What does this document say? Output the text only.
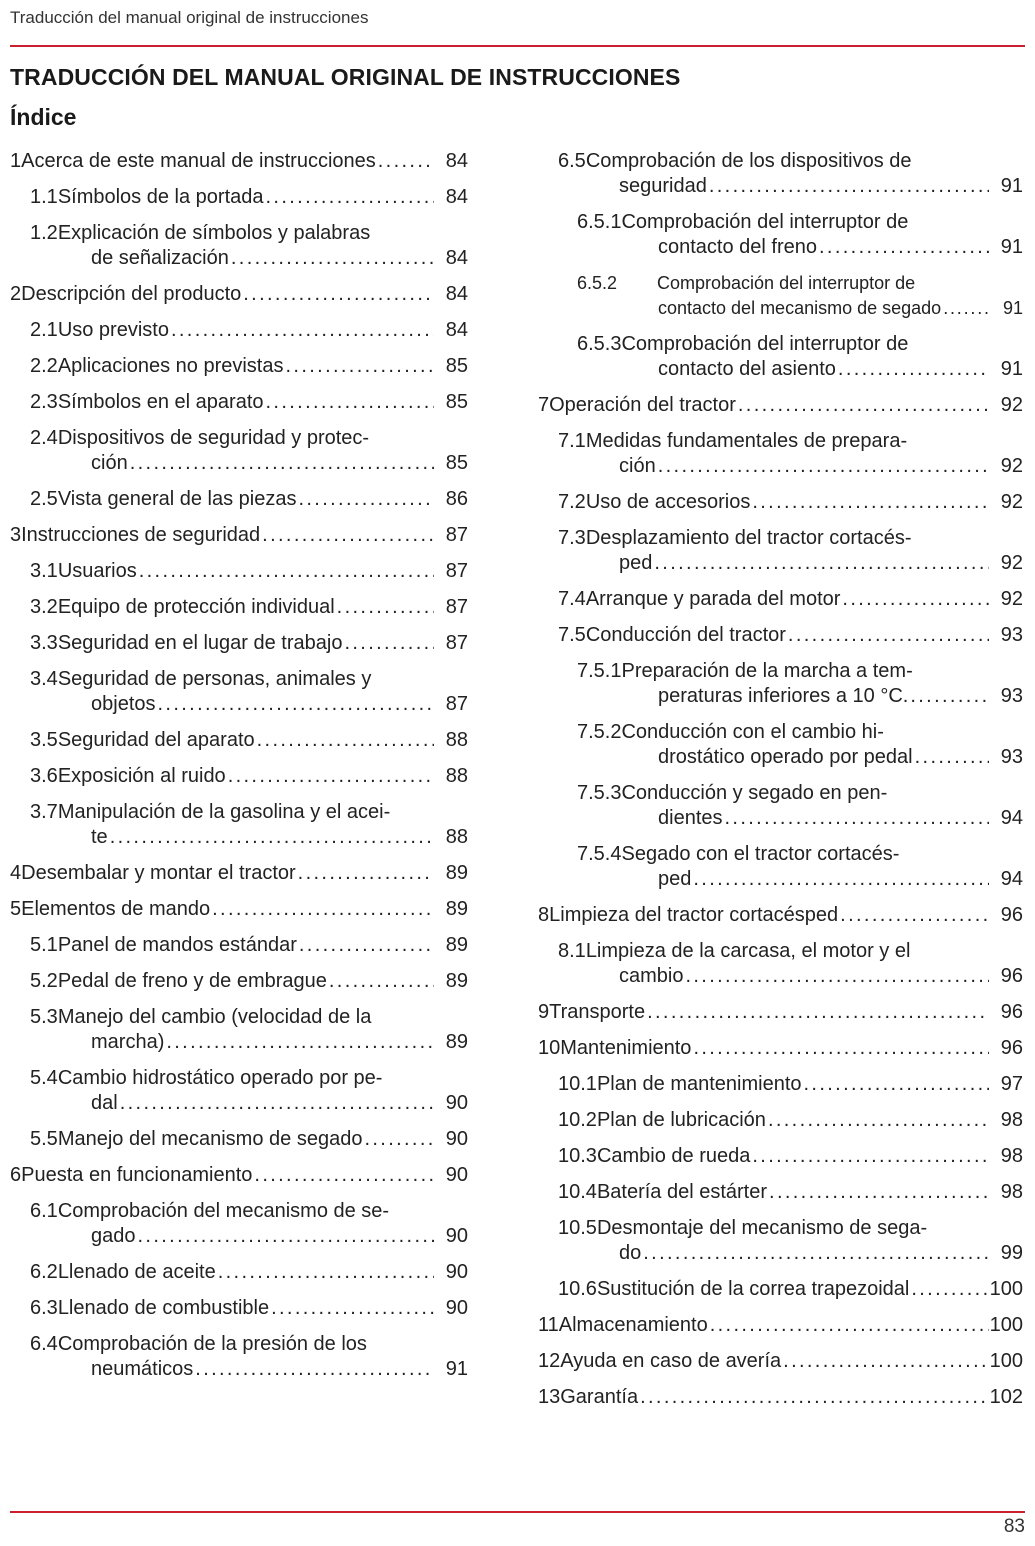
Traducción del manual original de instrucciones
TRADUCCIÓN DEL MANUAL ORIGINAL DE INSTRUCCIONES
Índice
1 Acerca de este manual de instrucciones . . .	84
1.1 Símbolos de la portada . . .	84
1.2 Explicación de símbolos y palabras
de señalización . . .	84
2 Descripción del producto . . .	84
2.1 Uso previsto . . .	84
2.2 Aplicaciones no previstas . . .	85
2.3 Símbolos en el aparato . . .	85
2.4 Dispositivos de seguridad y protec-
ción . . .	85
2.5 Vista general de las piezas . . .	86
3 Instrucciones de seguridad . . .	87
3.1 Usuarios . . .	87
3.2 Equipo de protección individual . . .	87
3.3 Seguridad en el lugar de trabajo . . .	87
3.4 Seguridad de personas, animales y
objetos . . .	87
3.5 Seguridad del aparato . . .	88
3.6 Exposición al ruido . . .	88
3.7 Manipulación de la gasolina y el acei-
te . . .	88
4 Desembalar y montar el tractor . . .	89
5 Elementos de mando . . .	89
5.1 Panel de mandos estándar . . .	89
5.2 Pedal de freno y de embrague . . .	89
5.3 Manejo del cambio (velocidad de la
marcha) . . .	89
5.4 Cambio hidrostático operado por pe-
dal . . .	90
5.5 Manejo del mecanismo de segado . . .	90
6 Puesta en funcionamiento . . .	90
6.1 Comprobación del mecanismo de se-
gado . . .	90
6.2 Llenado de aceite . . .	90
6.3 Llenado de combustible . . .	90
6.4 Comprobación de la presión de los
neumáticos . . .	91
6.5 Comprobación de los dispositivos de
seguridad . . .	91
6.5.1 Comprobación del interruptor de
contacto del freno . . .	91
6.5.2	Comprobación del interruptor de
contacto del mecanismo de segado . . .	91
6.5.3 Comprobación del interruptor de
contacto del asiento . . .	91
7 Operación del tractor . . .	92
7.1 Medidas fundamentales de prepara-
ción . . .	92
7.2 Uso de accesorios . . .	92
7.3 Desplazamiento del tractor cortacés-
ped . . .	92
7.4 Arranque y parada del motor . . .	92
7.5 Conducción del tractor . . .	93
7.5.1 Preparación de la marcha a tem-
peraturas inferiores a 10 °C. . . .	93
7.5.2 Conducción con el cambio hi-
drostático operado por pedal . . .	93
7.5.3 Conducción y segado en pen-
dientes . . .	94
7.5.4 Segado con el tractor cortacés-
ped . . .	94
8 Limpieza del tractor cortacésped . . .	96
8.1 Limpieza de la carcasa, el motor y el
cambio . . .	96
9 Transporte . . .	96
10 Mantenimiento . . .	96
10.1 Plan de mantenimiento . . .	97
10.2 Plan de lubricación . . .	98
10.3 Cambio de rueda . . .	98
10.4 Batería del estárter . . .	98
10.5 Desmontaje del mecanismo de sega-
do . . .	99
10.6 Sustitución de la correa trapezoidal . . .	100
11 Almacenamiento . . .	100
12 Ayuda en caso de avería . . .	100
13 Garantía . . .	102
83
